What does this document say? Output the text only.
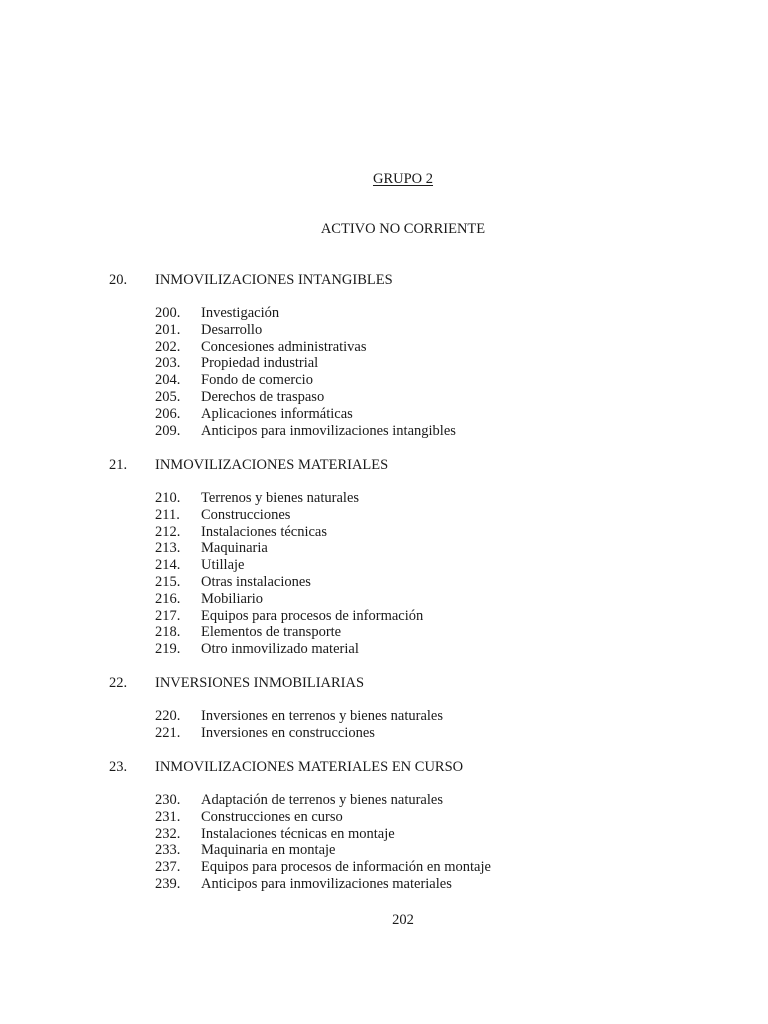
GRUPO 2
ACTIVO NO CORRIENTE
20. INMOVILIZACIONES INTANGIBLES
200. Investigación
201. Desarrollo
202. Concesiones administrativas
203. Propiedad industrial
204. Fondo de comercio
205. Derechos de traspaso
206. Aplicaciones informáticas
209. Anticipos para inmovilizaciones intangibles
21. INMOVILIZACIONES MATERIALES
210. Terrenos y bienes naturales
211. Construcciones
212. Instalaciones técnicas
213. Maquinaria
214. Utillaje
215. Otras instalaciones
216. Mobiliario
217. Equipos para procesos de información
218. Elementos de transporte
219. Otro inmovilizado material
22. INVERSIONES INMOBILIARIAS
220. Inversiones en terrenos y bienes naturales
221. Inversiones en construcciones
23. INMOVILIZACIONES MATERIALES EN CURSO
230. Adaptación de terrenos y bienes naturales
231. Construcciones en curso
232. Instalaciones técnicas en montaje
233. Maquinaria en montaje
237. Equipos para procesos de información en montaje
239. Anticipos para inmovilizaciones materiales
202
